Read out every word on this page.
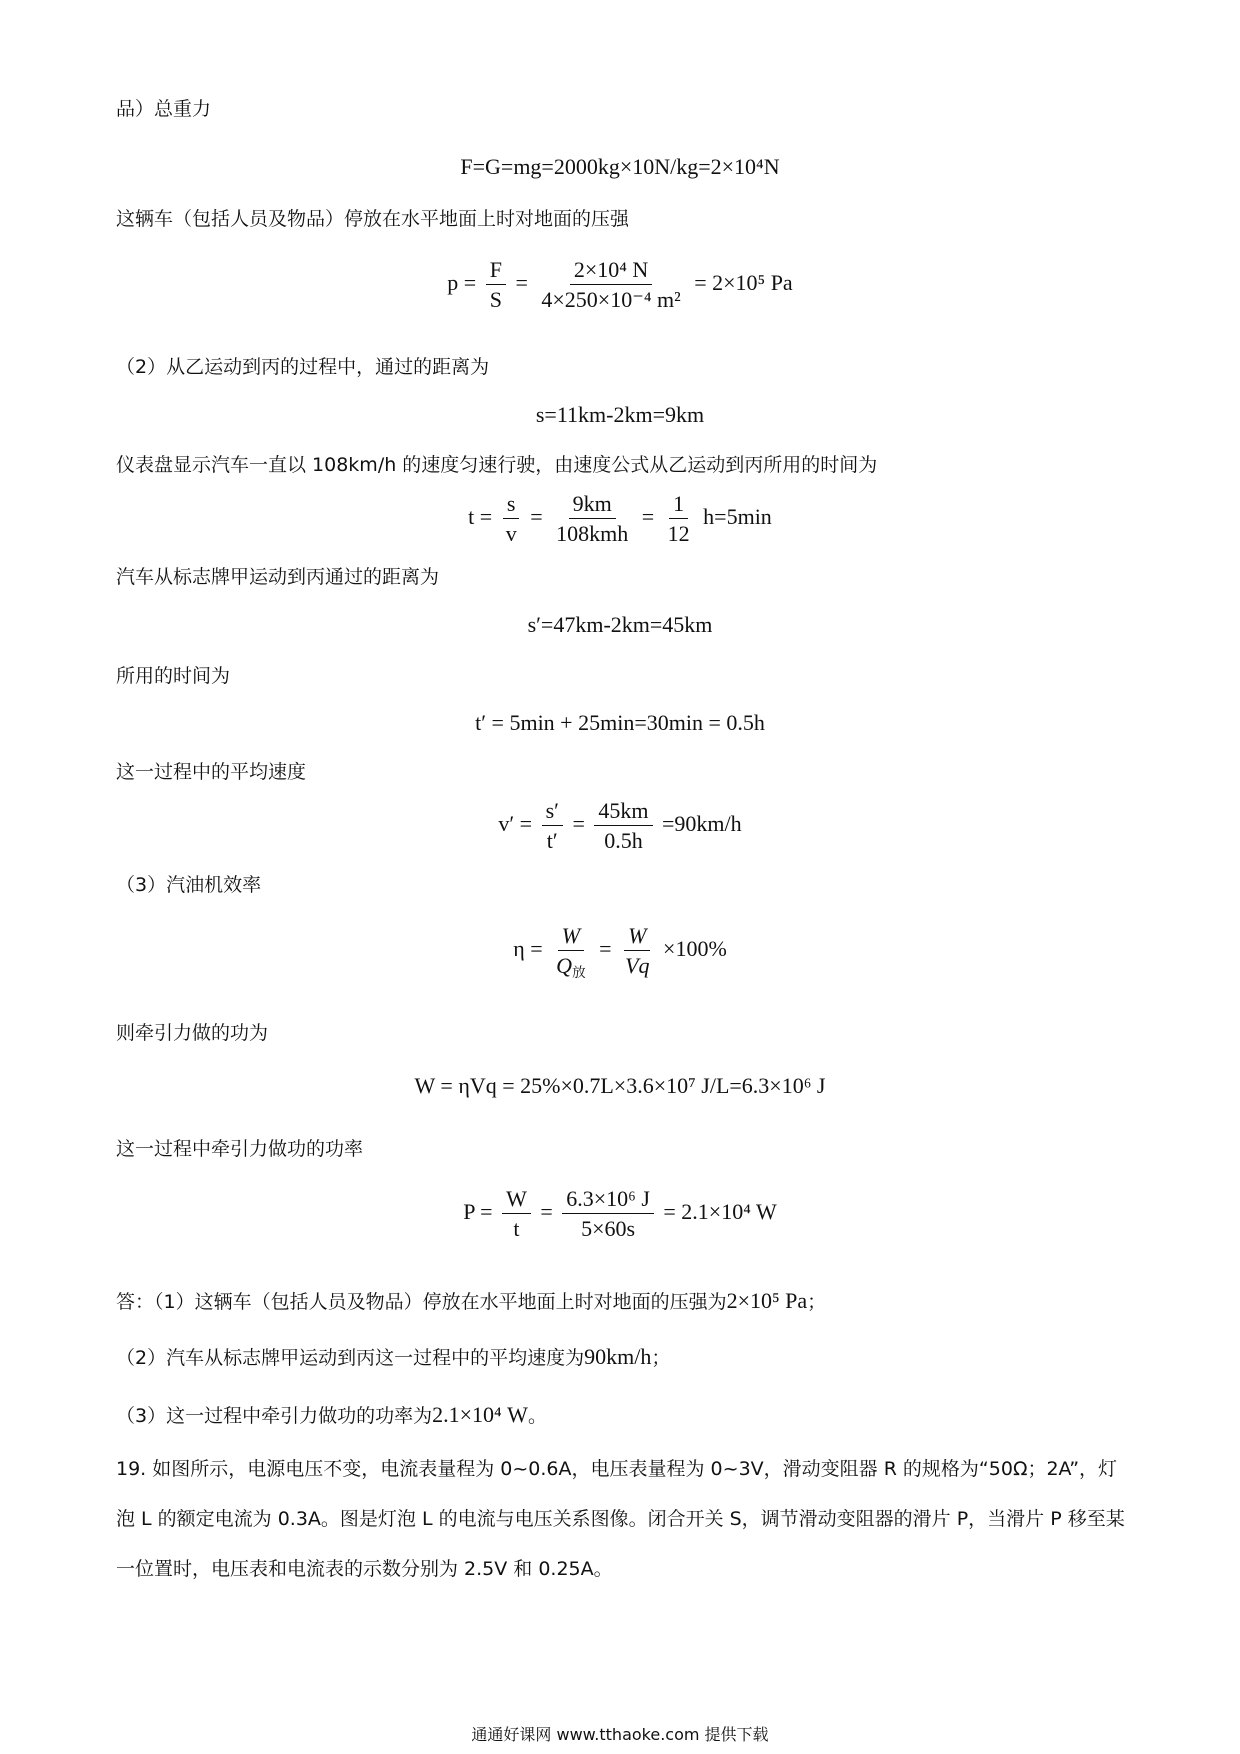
品）总重力
F=G=mg=2000kg×10N/kg=2×10⁴N
这辆车（包括人员及物品）停放在水平地面上时对地面的压强
$p = \frac{F}{S} = \frac{\text{2×10⁴ N}}{\text{4×250×10⁻⁴ m²}} = 2\times 10^5$ Pa
（2）从乙运动到丙的过程中，通过的距离为
s=11km-2km=9km
仪表盘显示汽车一直以 108km/h 的速度匀速行驶，由速度公式从乙运动到丙所用的时间为
$t = \frac{s}{v} = \frac{9km}{\text{108kmh}} = \frac{1}{12} h=5\min$
汽车从标志牌甲运动到丙通过的距离为
s′=47km-2km=45km
所用的时间为
t′ = 5min + 25min=30min = 0.5h
这一过程中的平均速度
$v' = \frac{s'}{t'} = \frac{45km}{0.5h} =90km/h$
（3）汽油机效率
$\eta = \frac{W}{Q_放} = \frac{W}{Vq} \times 100\%$
则牵引力做的功为
W = ηVq = 25%×0.7L×3.6×10⁷ J/L=6.3×10⁶ J
这一过程中牵引力做功的功率
$P = \frac{W}{t} = \frac{\text{6.3×10⁶ J}}{5\times 60s} = 2.1\times 10^4$ W
答：（1）这辆车（包括人员及物品）停放在水平地面上时对地面的压强为2×10⁵ Pa；
（2）汽车从标志牌甲运动到丙这一过程中的平均速度为90km/h；
（3）这一过程中牵引力做功的功率为2.1×10⁴ W。
19. 如图所示，电源电压不变，电流表量程为 0~0.6A，电压表量程为 0~3V，滑动变阻器 R 的规格为“50Ω；2A”，灯泡 L 的额定电流为 0.3A。图是灯泡 L 的电流与电压关系图像。闭合开关 S，调节滑动变阻器的滑片 P，当滑片 P 移至某一位置时，电压表和电流表的示数分别为 2.5V 和 0.25A。
通通好课网 www.tthaoke.com 提供下载
